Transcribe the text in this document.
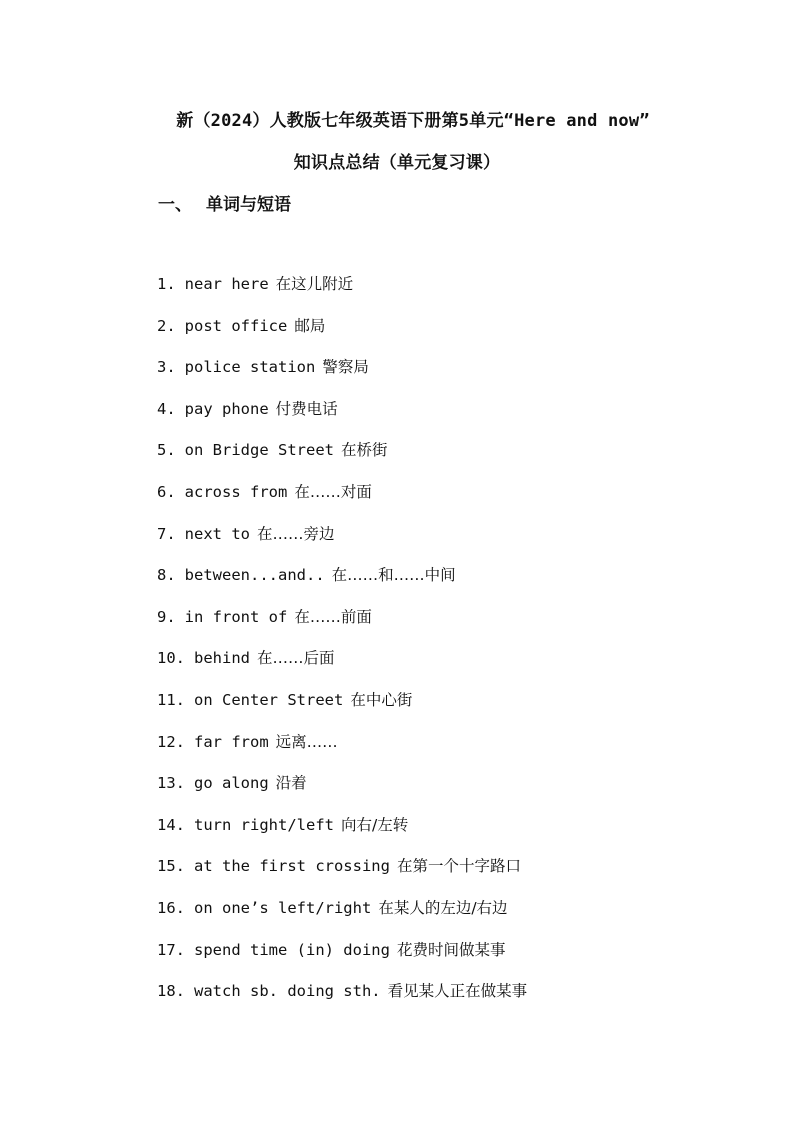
新（2024）人教版七年级英语下册第5单元“Here and now”
知识点总结（单元复习课）
一、 单词与短语
1. near here 在这儿附近
2. post office 邮局
3. police station 警察局
4. pay phone 付费电话
5. on Bridge Street 在桥街
6. across from 在……对面
7. next to 在……旁边
8. between...and.. 在……和……中间
9. in front of 在……前面
10. behind 在……后面
11. on Center Street 在中心街
12. far from 远离……
13. go along 沿着
14. turn right/left 向右/左转
15. at the first crossing 在第一个十字路口
16. on one’s left/right 在某人的左边/右边
17. spend time (in) doing 花费时间做某事
18. watch sb. doing sth. 看见某人正在做某事
